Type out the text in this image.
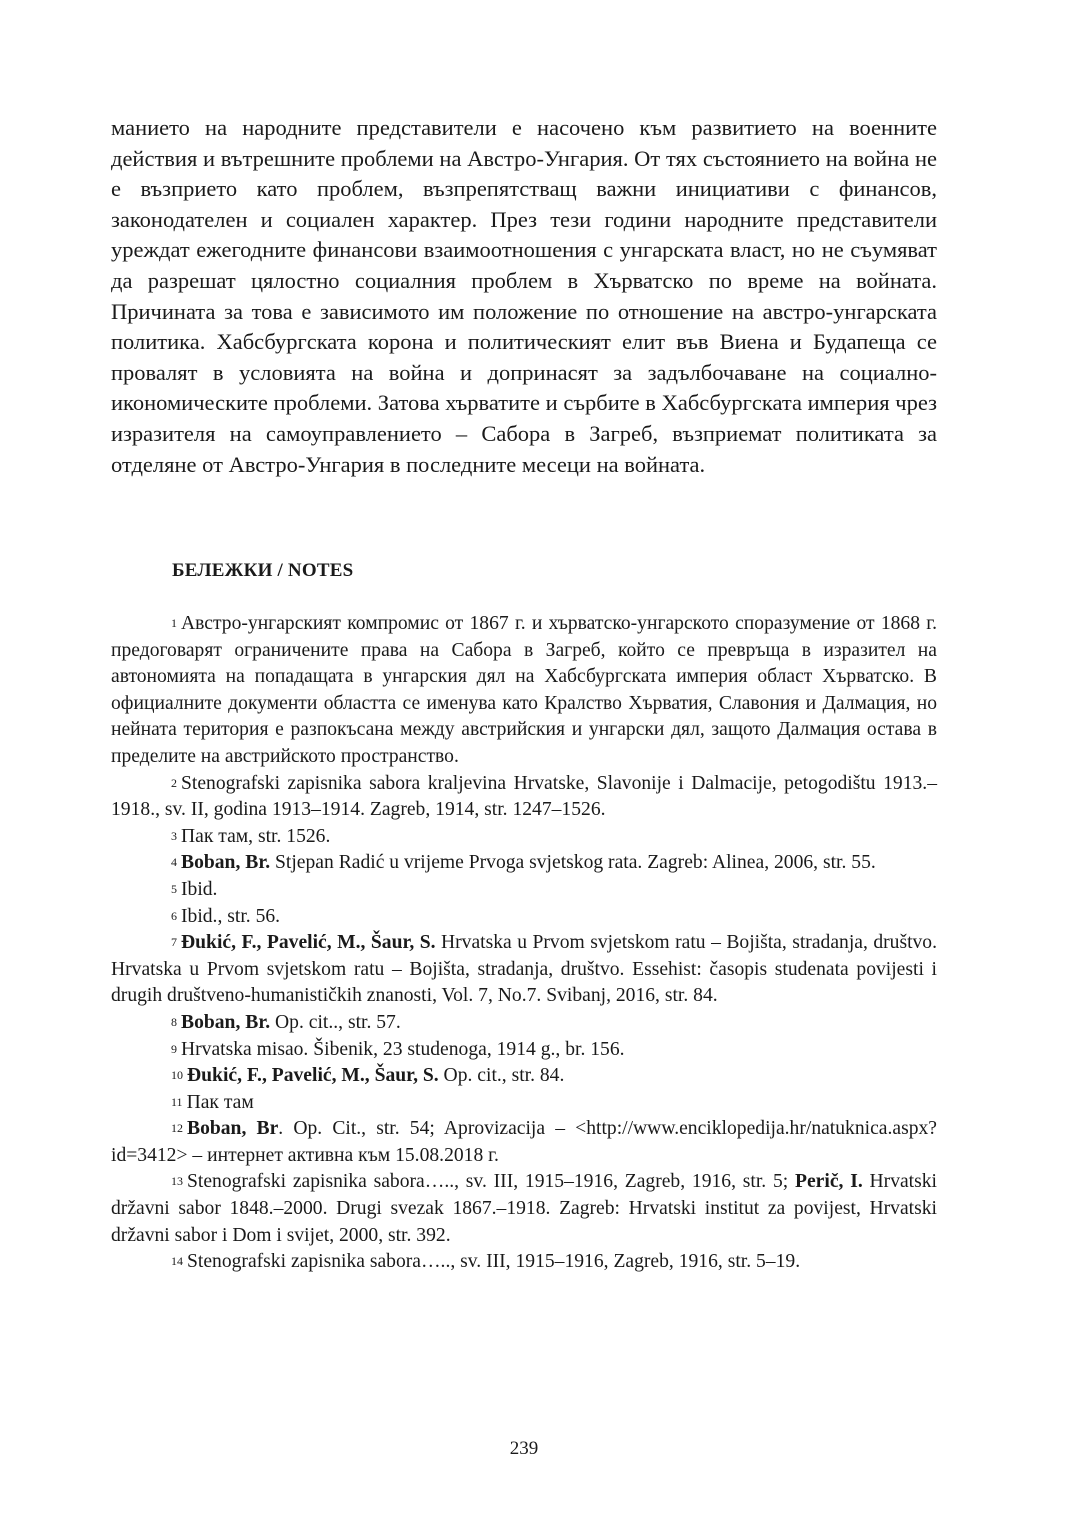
манието на народните представители е насочено към развитието на военните действия и вътрешните проблеми на Австро-Унгария. От тях състоянието на война не е възприето като проблем, възпрепятстващ важни инициативи с финансов, законодателен и социален характер. През тези години народните представители уреждат ежегодните финансови взаимоотношения с унгарската власт, но не съумяват да разрешат цялостно социалния проблем в Хърватско по време на войната. Причината за това е зависимото им положение по отношение на австро-унгарската политика. Хабсбургската корона и политическият елит във Виена и Будапеща се провалят в условията на война и допринасят за задълбочаване на социално-икономическите проблеми. Затова хърватите и сърбите в Хабсбургската империя чрез изразителя на самоуправлението – Сабора в Загреб, възприемат политиката за отделяне от Австро-Унгария в последните месеци на войната.

БЕЛЕЖКИ / NOTES

$^1$ Австро-унгарският компромис от 1867 г. и хърватско-унгарското споразумение от 1868 г. предоговарят ограничените права на Сабора в Загреб, който се превръща в изразител на автономията на попадащата в унгарския дял на Хабсбургската империя област Хърватско. В официалните документи областта се именува като Кралство Хърватия, Славония и Далмация, но нейната територия е разпокъсана между австрийския и унгарски дял, защото Далмация остава в пределите на австрийското пространство.

$^2$ Stenografski zapisnika sabora kraljevina Hrvatske, Slavonije i Dalmacije, petogodištu 1913.–1918., sv. II, godina 1913–1914. Zagreb, 1914, str. 1247–1526.

$^3$ Пак там, str. 1526.

$^4$ Boban, Br. Stjepan Radić u vrijeme Prvoga svjetskog rata. Zagreb: Alinea, 2006, str. 55.

$^5$ Ibid.

$^6$ Ibid., str. 56.

$^7$ Đukić, F., Pavelić, M., Šaur, S. Hrvatska u Prvom svjetskom ratu – Bojišta, stradanja, društvo. Hrvatska u Prvom svjetskom ratu – Bojišta, stradanja, društvo. Essehist: časopis studenata povijesti i drugih društveno-humanističkih znanosti, Vol. 7, No.7. Svibanj, 2016, str. 84.

$^8$ Boban, Br. Op. cit.., str. 57.

$^9$ Hrvatska misao. Šibenik, 23 studenoga, 1914 g., br. 156.

$^{10}$ Đukić, F., Pavelić, M., Šaur, S. Op. cit., str. 84.

$^{11}$ Пак там

$^{12}$ Boban, Br. Op. Cit., str. 54; Aprovizacija – <http://www.enciklopedija.hr/natuknica.aspx?id=3412> – интернет активна към 15.08.2018 г.

$^{13}$ Stenografski zapisnika sabora….., sv. III, 1915–1916, Zagreb, 1916, str. 5; Perič, I. Hrvatski državni sabor 1848.–2000. Drugi svezak 1867.–1918. Zagreb: Hrvatski institut za povijest, Hrvatski državni sabor i Dom i svijet, 2000, str. 392.

$^{14}$ Stenografski zapisnika sabora….., sv. III, 1915–1916, Zagreb, 1916, str. 5–19.

239
